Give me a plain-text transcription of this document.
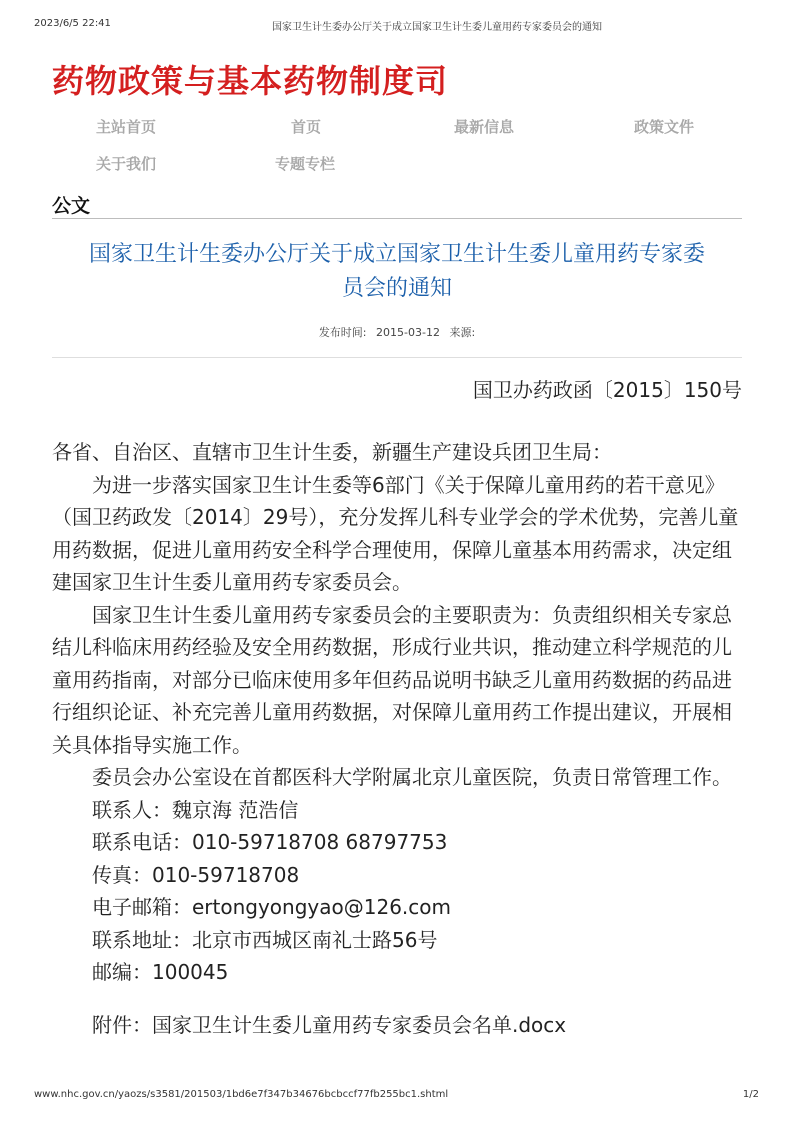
2023/6/5 22:41	国家卫生计生委办公厅关于成立国家卫生计生委儿童用药专家委员会的通知
药物政策与基本药物制度司
主站首页	首页	最新信息	政策文件
关于我们	专题专栏
公文
国家卫生计生委办公厅关于成立国家卫生计生委儿童用药专家委
员会的通知
发布时间: 2015-03-12 来源:
国卫办药政函〔2015〕150号

各省、自治区、直辖市卫生计生委，新疆生产建设兵团卫生局：

为进一步落实国家卫生计生委等6部门《关于保障儿童用药的若干意见》（国卫药政发〔2014〕29号），充分发挥儿科专业学会的学术优势，完善儿童用药数据，促进儿童用药安全科学合理使用，保障儿童基本用药需求，决定组建国家卫生计生委儿童用药专家委员会。

国家卫生计生委儿童用药专家委员会的主要职责为：负责组织相关专家总结儿科临床用药经验及安全用药数据，形成行业共识，推动建立科学规范的儿童用药指南，对部分已临床使用多年但药品说明书缺乏儿童用药数据的药品进行组织论证、补充完善儿童用药数据，对保障儿童用药工作提出建议，开展相关具体指导实施工作。

委员会办公室设在首都医科大学附属北京儿童医院，负责日常管理工作。

联系人：魏京海 范浩信

联系电话：010-59718708 68797753

传真：010-59718708

电子邮箱：ertongyongyao@126.com

联系地址：北京市西城区南礼士路56号

邮编：100045

附件：国家卫生计生委儿童用药专家委员会名单.docx

www.nhc.gov.cn/yaozs/s3581/201503/1bd6e7f347b34676bcbccf77fb255bc1.shtml	1/2
